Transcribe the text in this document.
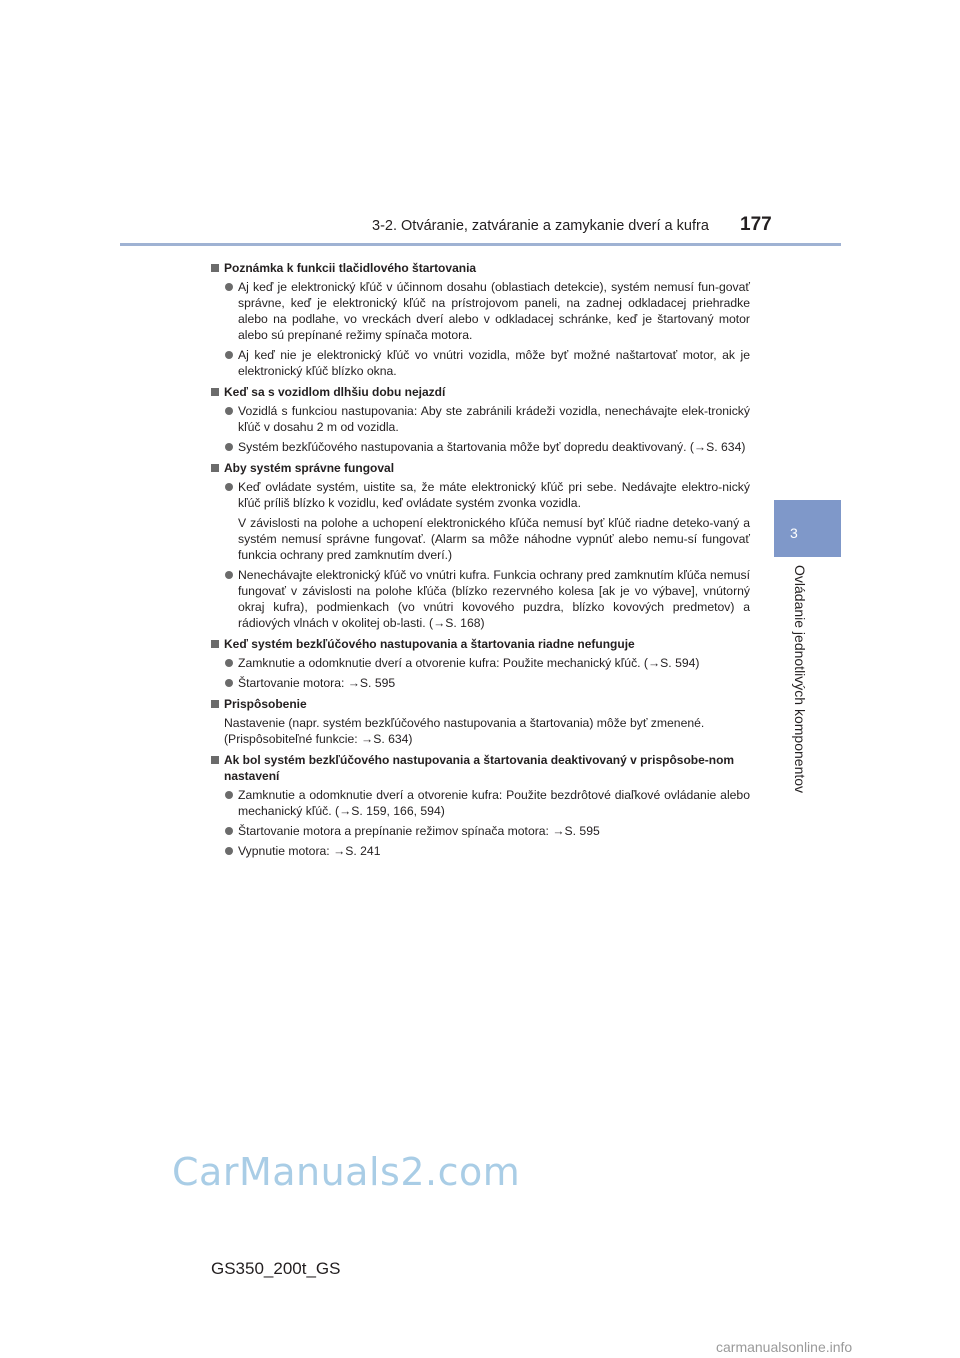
3-2. Otváranie, zatváranie a zamykanie dverí a kufra 177
3
Ovládanie jednotlivých komponentov
Poznámka k funkcii tlačidlového štartovania

Aj keď je elektronický kľúč v účinnom dosahu (oblastiach detekcie), systém nemusí fun-govať správne, keď je elektronický kľúč na prístrojovom paneli, na zadnej odkladacej priehradke alebo na podlahe, vo vreckách dverí alebo v odkladacej schránke, keď je štartovaný motor alebo sú prepínané režimy spínača motora.

Aj keď nie je elektronický kľúč vo vnútri vozidla, môže byť možné naštartovať motor, ak je elektronický kľúč blízko okna.

Keď sa s vozidlom dlhšiu dobu nejazdí

Vozidlá s funkciou nastupovania: Aby ste zabránili krádeži vozidla, nenechávajte elek-tronický kľúč v dosahu 2 m od vozidla.

Systém bezkľúčového nastupovania a štartovania môže byť dopredu deaktivovaný. (→S. 634)

Aby systém správne fungoval

Keď ovládate systém, uistite sa, že máte elektronický kľúč pri sebe. Nedávajte elektro-nický kľúč príliš blízko k vozidlu, keď ovládate systém zvonka vozidla.

V závislosti na polohe a uchopení elektronického kľúča nemusí byť kľúč riadne deteko-vaný a systém nemusí správne fungovať. (Alarm sa môže náhodne vypnúť alebo nemu-sí fungovať funkcia ochrany pred zamknutím dverí.)

Nenechávajte elektronický kľúč vo vnútri kufra. Funkcia ochrany pred zamknutím kľúča nemusí fungovať v závislosti na polohe kľúča (blízko rezervného kolesa [ak je vo výbave], vnútorný okraj kufra), podmienkach (vo vnútri kovového puzdra, blízko kovových predmetov) a rádiových vlnách v okolitej ob-lasti. (→S. 168)

Keď systém bezkľúčového nastupovania a štartovania riadne nefunguje

Zamknutie a odomknutie dverí a otvorenie kufra: Použite mechanický kľúč. (→S. 594)

Štartovanie motora: →S. 595

Prispôsobenie
Nastavenie (napr. systém bezkľúčového nastupovania a štartovania) môže byť zmenené. (Prispôsobiteľné funkcie: →S. 634)
Ak bol systém bezkľúčového nastupovania a štartovania deaktivovaný v prispôsobe-nom nastavení

Zamknutie a odomknutie dverí a otvorenie kufra: Použite bezdrôtové diaľkové ovládanie alebo mechanický kľúč. (→S. 159, 166, 594)

Štartovanie motora a prepínanie režimov spínača motora: →S. 595

Vypnutie motora: →S. 241

CarManuals2.com
GS350_200t_GS
carmanualsonline.info
